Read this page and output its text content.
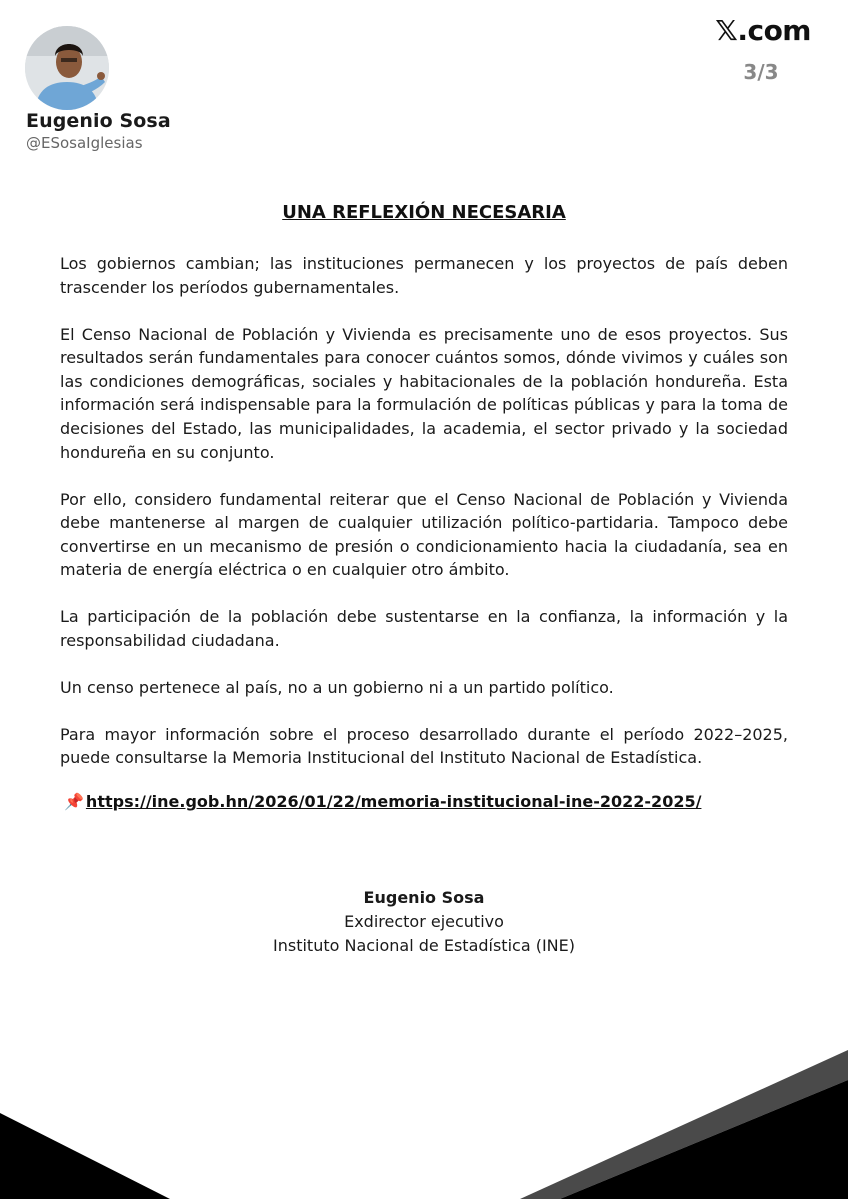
Eugenio Sosa
@ESosaIglesias
𝕏.com
3/3
UNA REFLEXIÓN NECESARIA

Los gobiernos cambian; las instituciones permanecen y los proyectos de país deben trascender los períodos gubernamentales.

El Censo Nacional de Población y Vivienda es precisamente uno de esos proyectos. Sus resultados serán fundamentales para conocer cuántos somos, dónde vivimos y cuáles son las condiciones demográficas, sociales y habitacionales de la población hondureña. Esta información será indispensable para la formulación de políticas públicas y para la toma de decisiones del Estado, las municipalidades, la academia, el sector privado y la sociedad hondureña en su conjunto.

Por ello, considero fundamental reiterar que el Censo Nacional de Población y Vivienda debe mantenerse al margen de cualquier utilización político-partidaria. Tampoco debe convertirse en un mecanismo de presión o condicionamiento hacia la ciudadanía, sea en materia de energía eléctrica o en cualquier otro ámbito.

La participación de la población debe sustentarse en la confianza, la información y la responsabilidad ciudadana.

Un censo pertenece al país, no a un gobierno ni a un partido político.

Para mayor información sobre el proceso desarrollado durante el período 2022–2025, puede consultarse la Memoria Institucional del Instituto Nacional de Estadística.

📌 https://ine.gob.hn/2026/01/22/memoria-institucional-ine-2022-2025/
Eugenio Sosa
Exdirector ejecutivo
Instituto Nacional de Estadística (INE)
